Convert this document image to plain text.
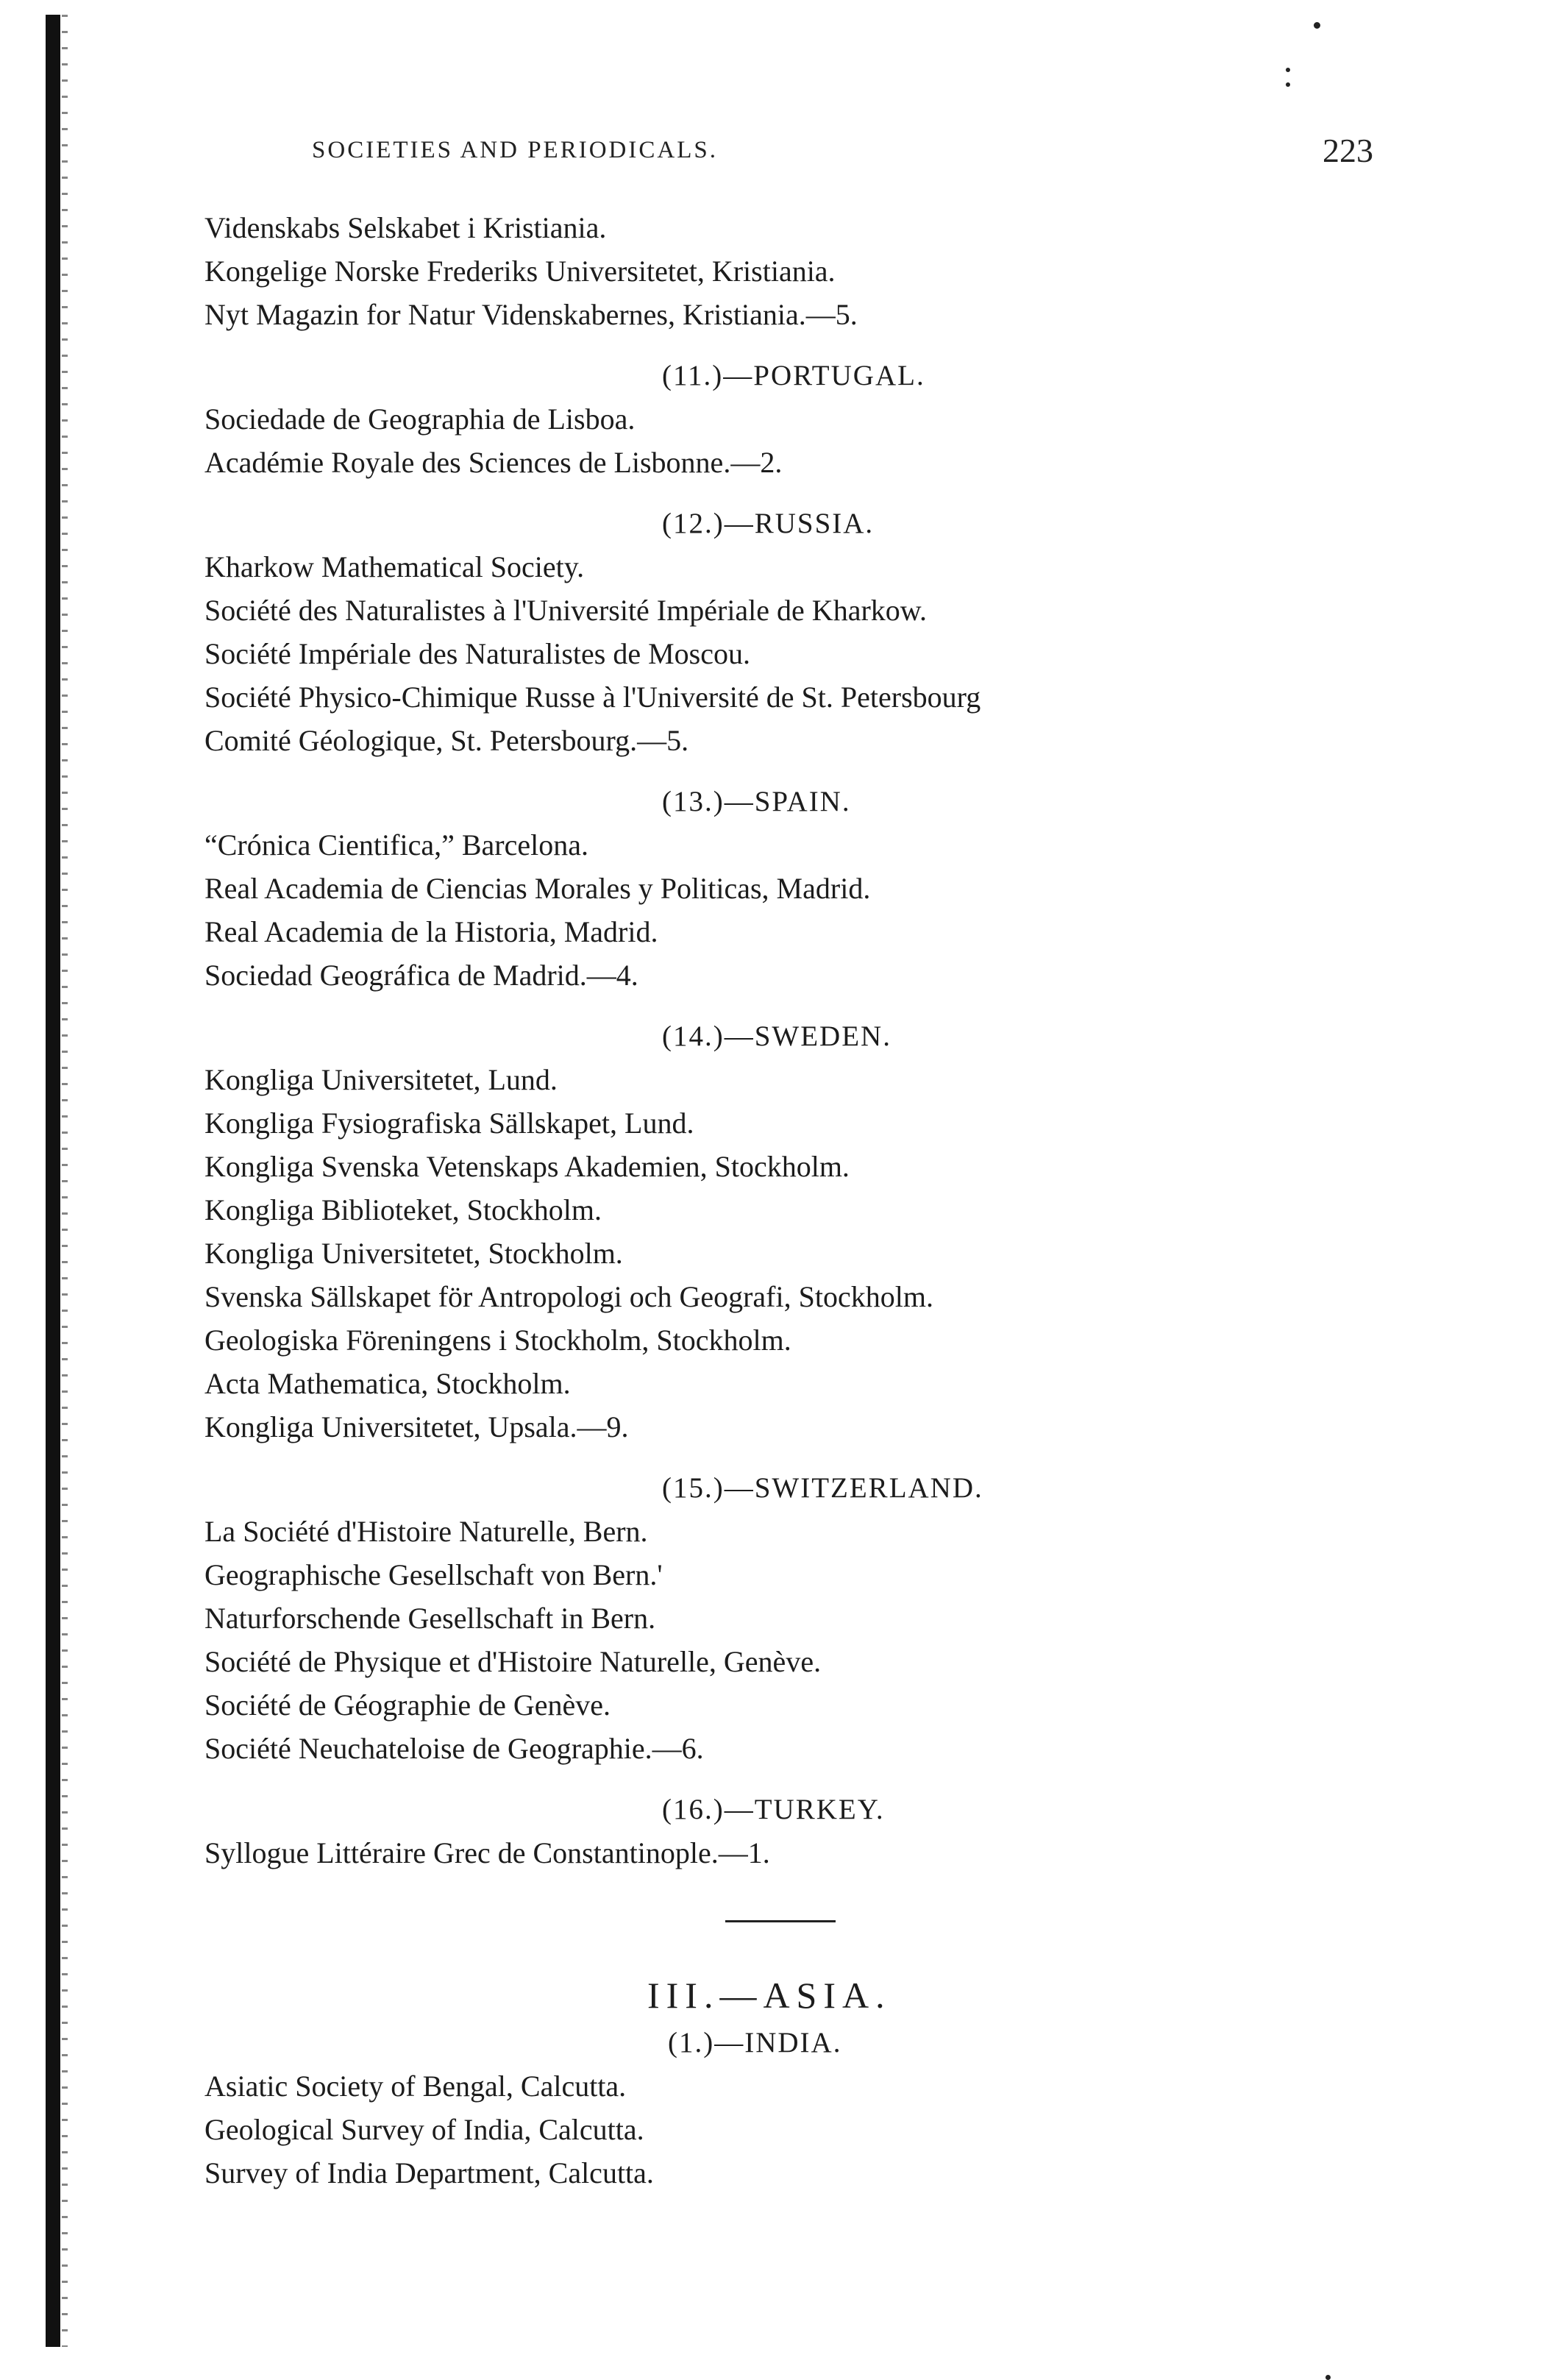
SOCIETIES AND PERIODICALS.	223
Videnskabs Selskabet i Kristiania.
Kongelige Norske Frederiks Universitetet, Kristiania.
Nyt Magazin for Natur Videnskabernes, Kristiania.—5.
(11.)—PORTUGAL.
Sociedade de Geographia de Lisboa.
Académie Royale des Sciences de Lisbonne.—2.
(12.)—RUSSIA.
Kharkow Mathematical Society.
Société des Naturalistes à l'Université Impériale de Kharkow.
Société Impériale des Naturalistes de Moscou.
Société Physico-Chimique Russe à l'Université de St. Petersbourg
Comité Géologique, St. Petersbourg.—5.
(13.)—SPAIN.
“Crónica Cientifica,” Barcelona.
Real Academia de Ciencias Morales y Politicas, Madrid.
Real Academia de la Historia, Madrid.
Sociedad Geográfica de Madrid.—4.
(14.)—SWEDEN.
Kongliga Universitetet, Lund.
Kongliga Fysiografiska Sällskapet, Lund.
Kongliga Svenska Vetenskaps Akademien, Stockholm.
Kongliga Biblioteket, Stockholm.
Kongliga Universitetet, Stockholm.
Svenska Sällskapet för Antropologi och Geografi, Stockholm.
Geologiska Föreningens i Stockholm, Stockholm.
Acta Mathematica, Stockholm.
Kongliga Universitetet, Upsala.—9.
(15.)—SWITZERLAND.
La Société d'Histoire Naturelle, Bern.
Geographische Gesellschaft von Bern.'
Naturforschende Gesellschaft in Bern.
Société de Physique et d'Histoire Naturelle, Genève.
Société de Géographie de Genève.
Société Neuchateloise de Geographie.—6.
(16.)—TURKEY.
Syllogue Littéraire Grec de Constantinople.—1.
III.—ASIA.
(1.)—INDIA.
Asiatic Society of Bengal, Calcutta.
Geological Survey of India, Calcutta.
Survey of India Department, Calcutta.
